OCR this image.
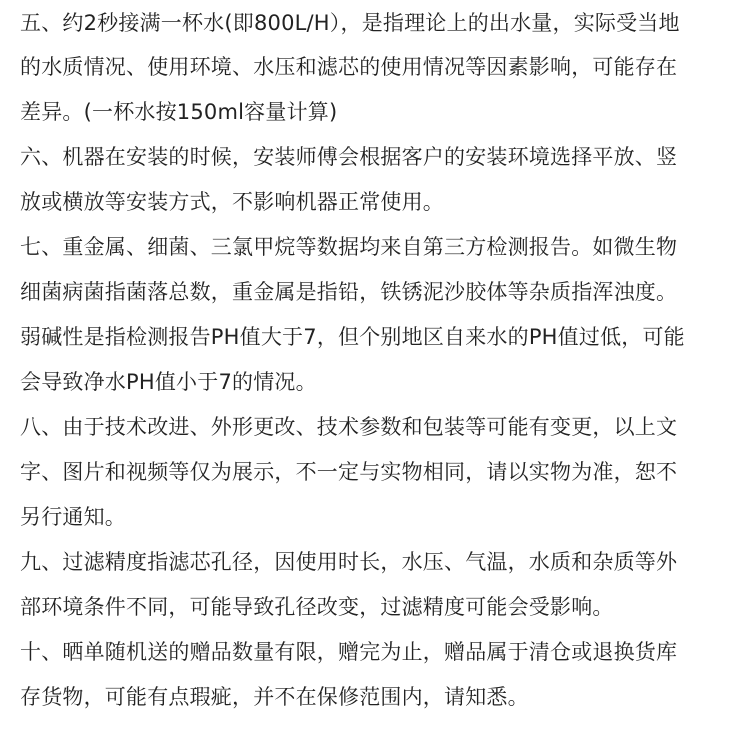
五、约2秒接满一杯水(即800L/H），是指理论上的出水量，实际受当地
的水质情况、使用环境、水压和滤芯的使用情况等因素影响，可能存在
差异。(一杯水按150ml容量计算)
六、机器在安装的时候，安装师傅会根据客户的安装环境选择平放、竖
放或横放等安装方式，不影响机器正常使用。
七、重金属、细菌、三氯甲烷等数据均来自第三方检测报告。如微生物
细菌病菌指菌落总数，重金属是指铅，铁锈泥沙胶体等杂质指浑浊度。
弱碱性是指检测报告PH值大于7，但个别地区自来水的PH值过低，可能
会导致净水PH值小于7的情况。
八、由于技术改进、外形更改、技术参数和包装等可能有变更，以上文
字、图片和视频等仅为展示，不一定与实物相同，请以实物为准，恕不
另行通知。
九、过滤精度指滤芯孔径，因使用时长，水压、气温，水质和杂质等外
部环境条件不同，可能导致孔径改变，过滤精度可能会受影响。
十、晒单随机送的赠品数量有限，赠完为止，赠品属于清仓或退换货库
存货物，可能有点瑕疵，并不在保修范围内，请知悉。
